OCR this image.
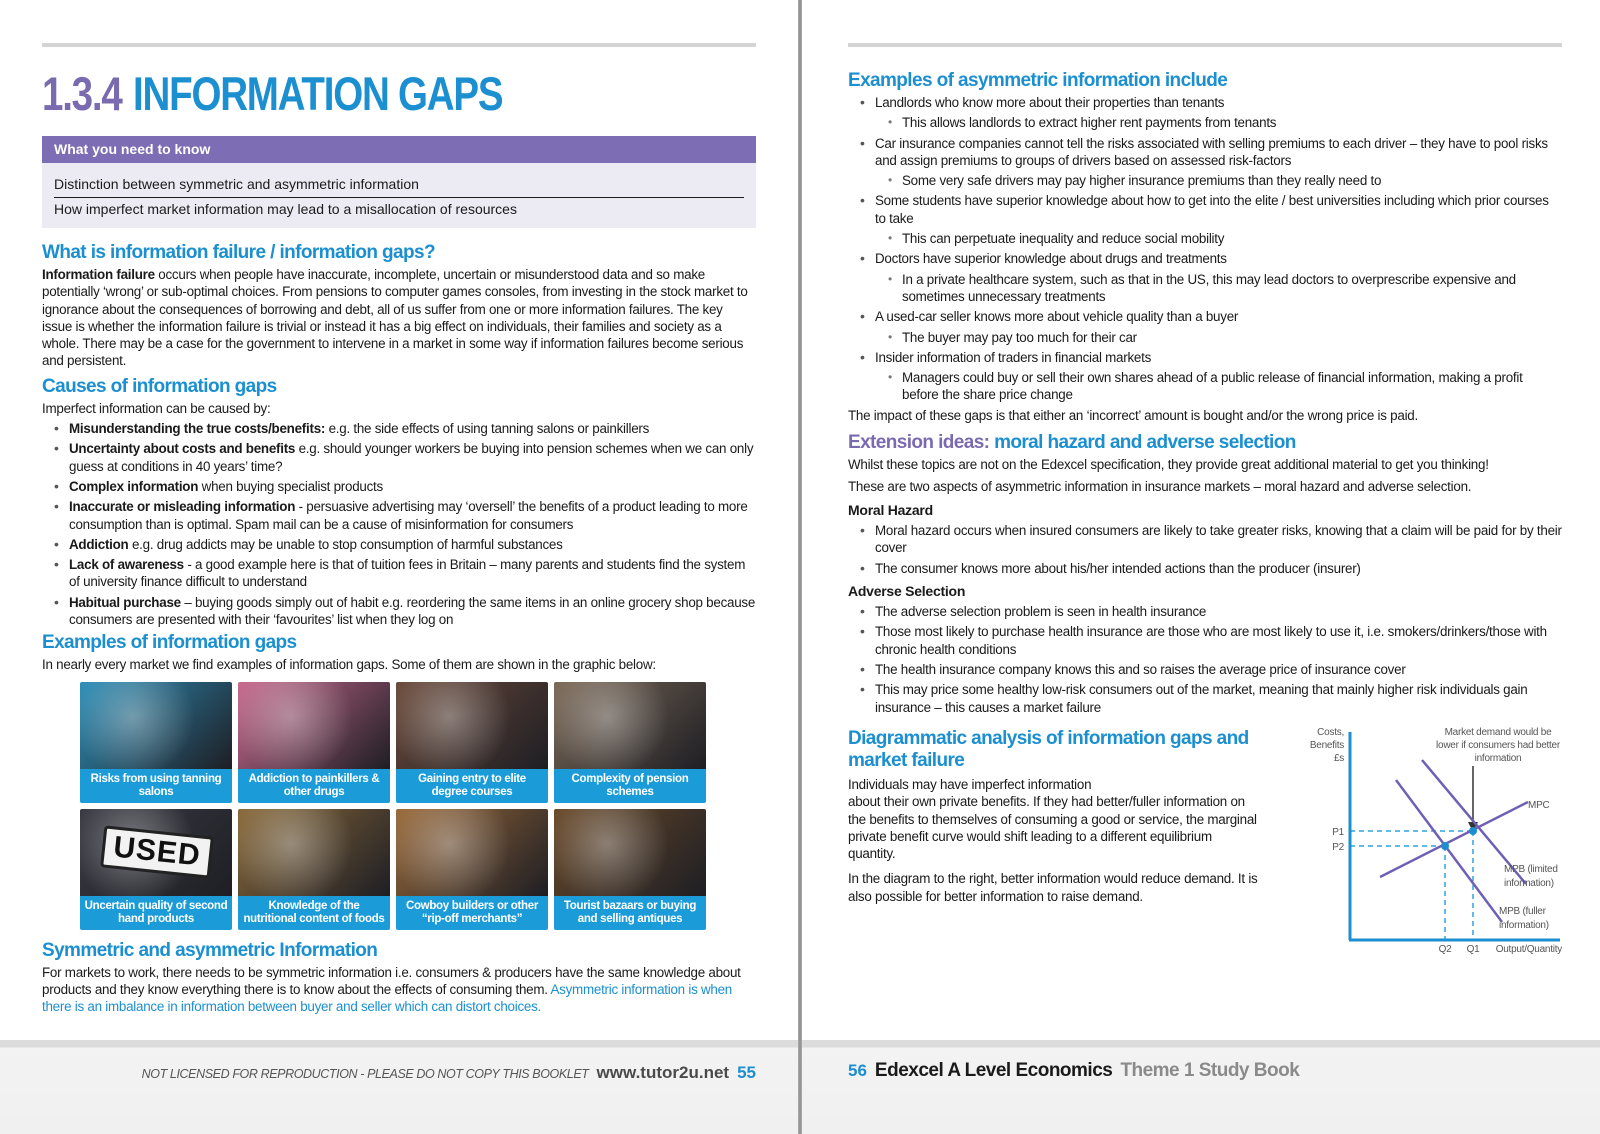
1.3.4 INFORMATION GAPS
What you need to know
Distinction between symmetric and asymmetric information
How imperfect market information may lead to a misallocation of resources
What is information failure / information gaps?
Information failure occurs when people have inaccurate, incomplete, uncertain or misunderstood data and so make potentially ‘wrong’ or sub-optimal choices. From pensions to computer games consoles, from investing in the stock market to ignorance about the consequences of borrowing and debt, all of us suffer from one or more information failures. The key issue is whether the information failure is trivial or instead it has a big effect on individuals, their families and society as a whole. There may be a case for the government to intervene in a market in some way if information failures become serious and persistent.
Causes of information gaps
Imperfect information can be caused by:
• Misunderstanding the true costs/benefits: e.g. the side effects of using tanning salons or painkillers
• Uncertainty about costs and benefits e.g. should younger workers be buying into pension schemes when we can only guess at conditions in 40 years’ time?
• Complex information when buying specialist products
• Inaccurate or misleading information - persuasive advertising may ‘oversell’ the benefits of a product leading to more consumption than is optimal. Spam mail can be a cause of misinformation for consumers
• Addiction e.g. drug addicts may be unable to stop consumption of harmful substances
• Lack of awareness - a good example here is that of tuition fees in Britain – many parents and students find the system of university finance difficult to understand
• Habitual purchase – buying goods simply out of habit e.g. reordering the same items in an online grocery shop because consumers are presented with their ‘favourites’ list when they log on
Examples of information gaps
In nearly every market we find examples of information gaps. Some of them are shown in the graphic below:
Risks from using tanning salons
Addiction to painkillers & other drugs
Gaining entry to elite degree courses
Complexity of pension schemes
USED
Uncertain quality of second hand products
Knowledge of the nutritional content of foods
Cowboy builders or other “rip-off merchants”
Tourist bazaars or buying and selling antiques
Symmetric and asymmetric Information
For markets to work, there needs to be symmetric information i.e. consumers & producers have the same knowledge about products and they know everything there is to know about the effects of consuming them. Asymmetric information is when there is an imbalance in information between buyer and seller which can distort choices.
NOT LICENSED FOR REPRODUCTION - PLEASE DO NOT COPY THIS BOOKLET www.tutor2u.net 55
Examples of asymmetric information include
• Landlords who know more about their properties than tenants
• This allows landlords to extract higher rent payments from tenants
• Car insurance companies cannot tell the risks associated with selling premiums to each driver – they have to pool risks and assign premiums to groups of drivers based on assessed risk-factors
• Some very safe drivers may pay higher insurance premiums than they really need to
• Some students have superior knowledge about how to get into the elite / best universities including which prior courses to take
• This can perpetuate inequality and reduce social mobility
• Doctors have superior knowledge about drugs and treatments
• In a private healthcare system, such as that in the US, this may lead doctors to overprescribe expensive and sometimes unnecessary treatments
• A used-car seller knows more about vehicle quality than a buyer
• The buyer may pay too much for their car
• Insider information of traders in financial markets
• Managers could buy or sell their own shares ahead of a public release of financial information, making a profit before the share price change
The impact of these gaps is that either an ‘incorrect’ amount is bought and/or the wrong price is paid.
Extension ideas: moral hazard and adverse selection
Whilst these topics are not on the Edexcel specification, they provide great additional material to get you thinking!
These are two aspects of asymmetric information in insurance markets – moral hazard and adverse selection.
Moral Hazard
• Moral hazard occurs when insured consumers are likely to take greater risks, knowing that a claim will be paid for by their cover
• The consumer knows more about his/her intended actions than the producer (insurer)
Adverse Selection
• The adverse selection problem is seen in health insurance
• Those most likely to purchase health insurance are those who are most likely to use it, i.e. smokers/drinkers/those with chronic health conditions
• The health insurance company knows this and so raises the average price of insurance cover
• This may price some healthy low-risk consumers out of the market, meaning that mainly higher risk individuals gain insurance – this causes a market failure
Diagrammatic analysis of information gaps and market failure
Individuals may have imperfect information
about their own private benefits. If they had better/fuller information on the benefits to themselves of consuming a good or service, the marginal private benefit curve would shift leading to a different equilibrium quantity.
In the diagram to the right, better information would reduce demand. It is also possible for better information to raise demand.
Costs,
Benefits
£s
Market demand would be
lower if consumers had better
information
MPC
MPB (limited
information)
MPB (fuller
information)
P1
P2
Q2 Q1 Output/Quantity
56 Edexcel A Level Economics Theme 1 Study Book
